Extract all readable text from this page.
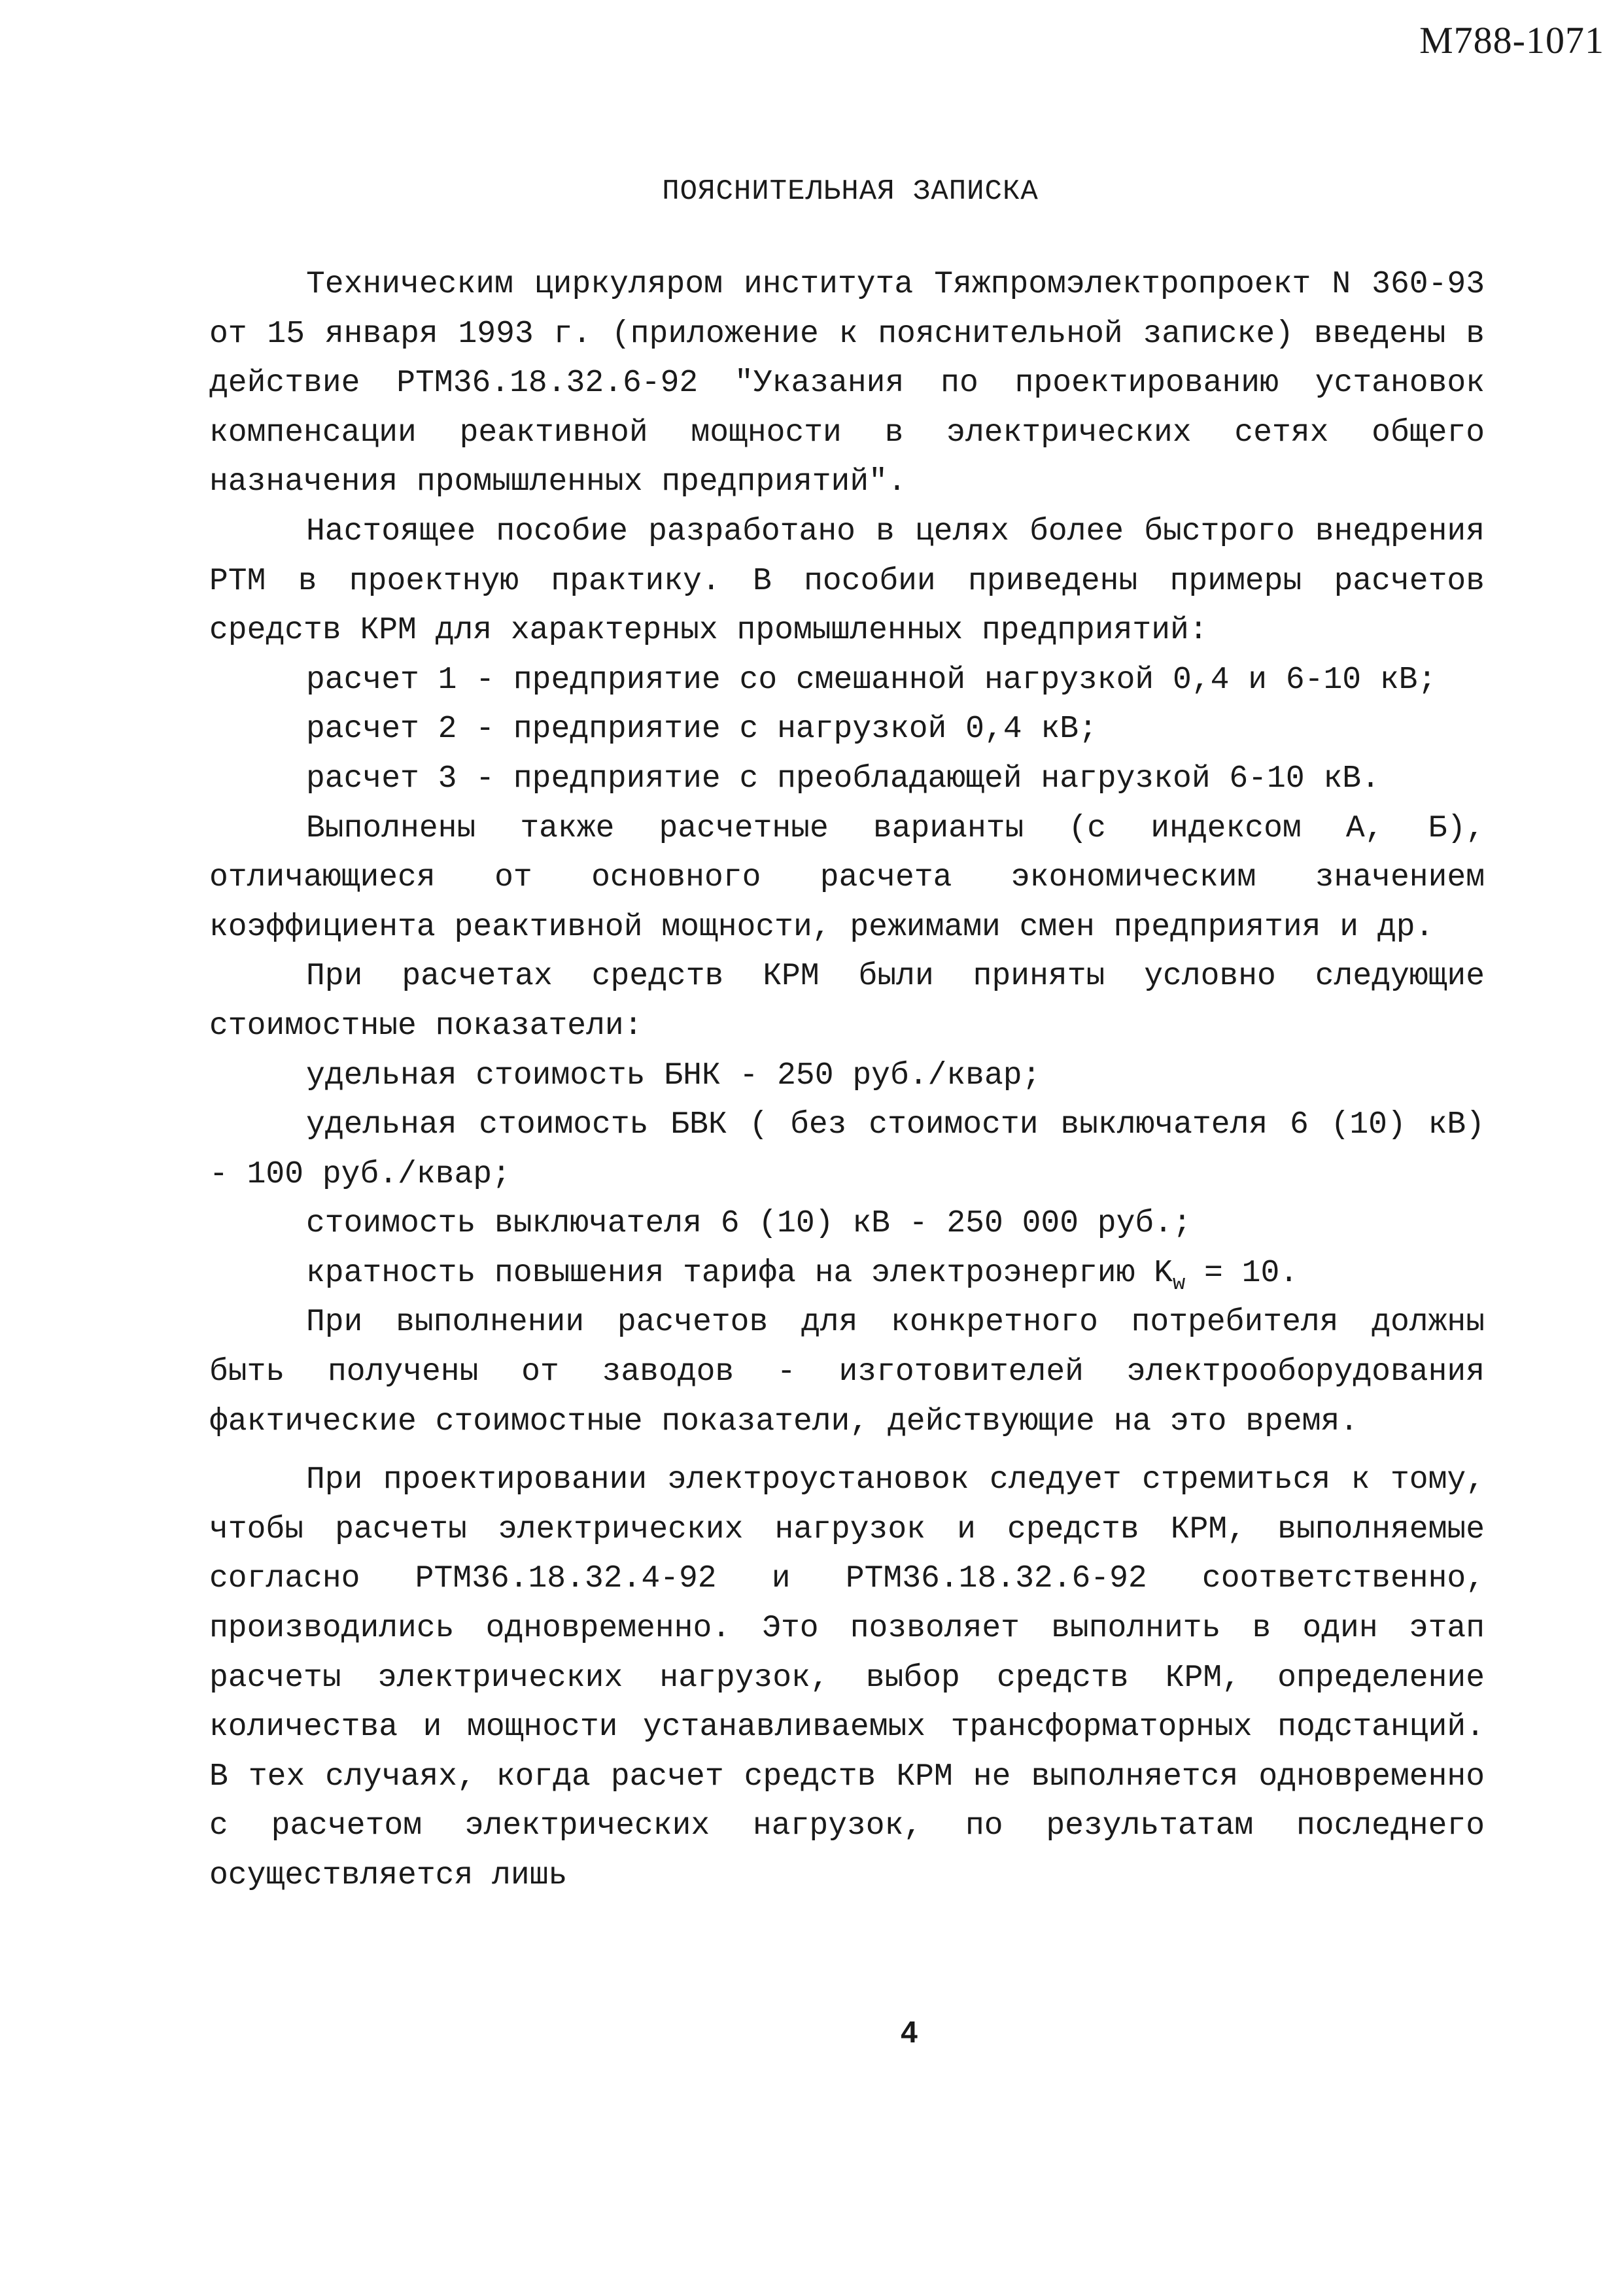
М788-1071
ПОЯСНИТЕЛЬНАЯ ЗАПИСКА

Техническим циркуляром института Тяжпромэлектропроект N 360-93 от 15 января 1993 г. (приложение к пояснительной записке) введены в действие РТМ36.18.32.6-92 "Указания по проектированию установок компенсации реактивной мощности в электрических сетях общего назначения промышленных предприятий".

Настоящее пособие разработано в целях более быстрого внедрения РТМ в проектную практику. В пособии приведены примеры расчетов средств КРМ для характерных промышленных предприятий:

расчет 1 - предприятие со смешанной нагрузкой 0,4 и 6-10 кВ;

расчет 2 - предприятие с нагрузкой 0,4 кВ;

расчет 3 - предприятие с преобладающей нагрузкой 6-10 кВ.

Выполнены также расчетные варианты (с индексом А, Б), отличающиеся от основного расчета экономическим значением коэффициента реактивной мощности, режимами смен предприятия и др.

При расчетах средств КРМ были приняты условно следующие стоимостные показатели:

удельная стоимость БНК - 250 руб./квар;

удельная стоимость БВК ( без стоимости выключателя 6 (10) кВ) - 100 руб./квар;

стоимость выключателя 6 (10) кВ - 250 000 руб.;

кратность повышения тарифа на электроэнергию $K_w = 10$.

При выполнении расчетов для конкретного потребителя должны быть получены от заводов - изготовителей электрооборудования фактические стоимостные показатели, действующие на это время.

При проектировании электроустановок следует стремиться к тому, чтобы расчеты электрических нагрузок и средств КРМ, выполняемые согласно РТМ36.18.32.4-92 и РТМ36.18.32.6-92 соответственно, производились одновременно. Это позволяет выполнить в один этап расчеты электрических нагрузок, выбор средств КРМ, определение количества и мощности устанавливаемых трансформаторных подстанций. В тех случаях, когда расчет средств КРМ не выполняется одновременно с расчетом электрических нагрузок, по результатам последнего осуществляется лишь

4
